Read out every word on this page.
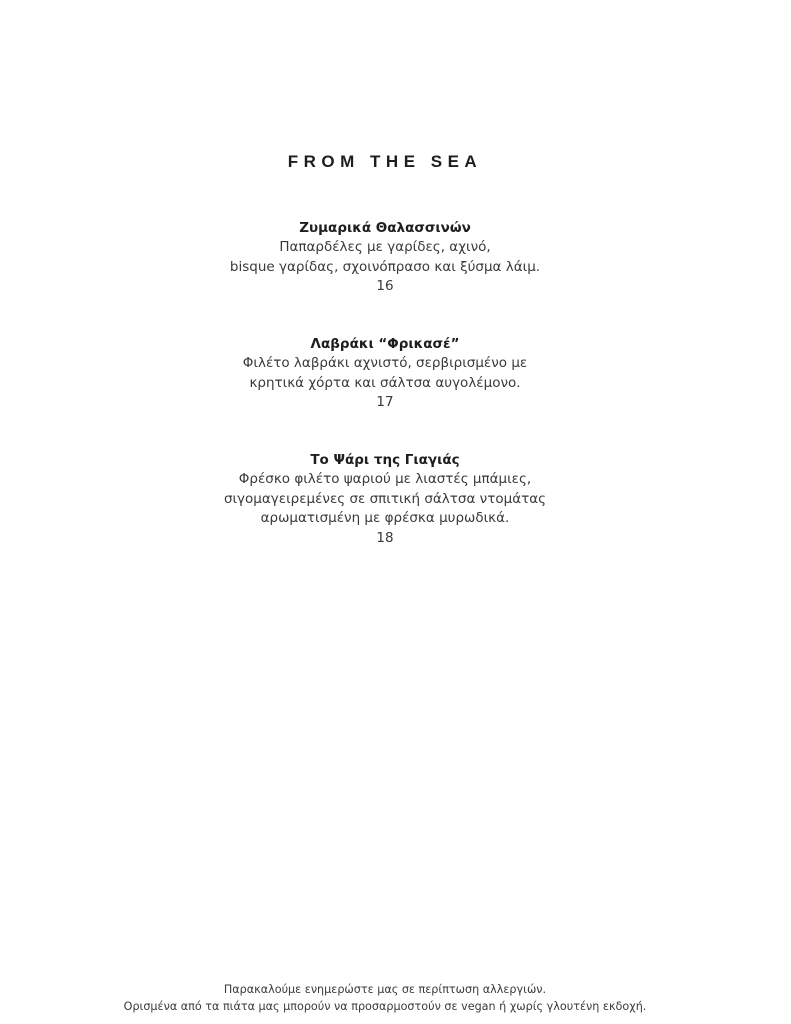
FROM THE SEA
Ζυμαρικά Θαλασσινών
Παπαρδέλες με γαρίδες, αχινό,
bisque γαρίδας, σχοινόπρασο και ξύσμα λάιμ.
16
Λαβράκι “Φρικασέ”
Φιλέτο λαβράκι αχνιστό, σερβιρισμένο με
κρητικά χόρτα και σάλτσα αυγολέμονο.
17
Το Ψάρι της Γιαγιάς
Φρέσκο φιλέτο ψαριού με λιαστές μπάμιες,
σιγομαγειρεμένες σε σπιτική σάλτσα ντομάτας
αρωματισμένη με φρέσκα μυρωδικά.
18
Παρακαλούμε ενημερώστε μας σε περίπτωση αλλεργιών.
Ορισμένα από τα πιάτα μας μπορούν να προσαρμοστούν σε vegan ή χωρίς γλουτένη εκδοχή.
